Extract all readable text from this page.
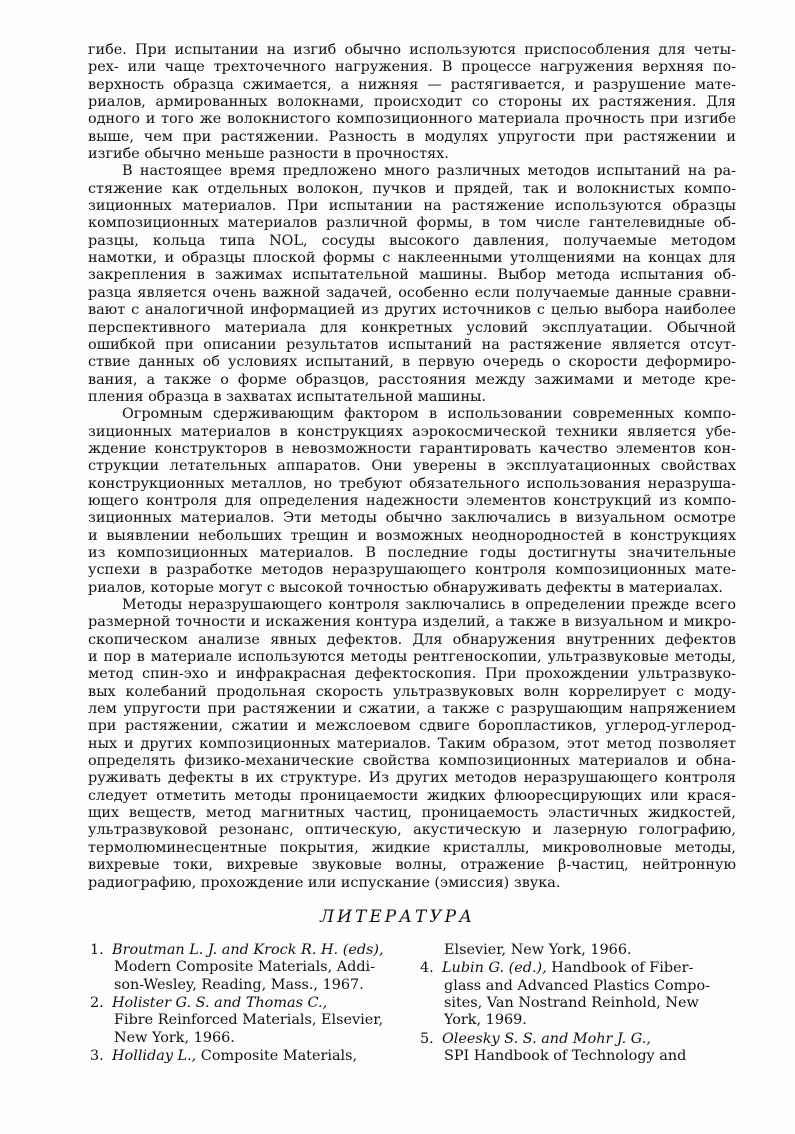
гибе. При испытании на изгиб обычно используются приспособления для четы-
рех- или чаще трехточечного нагружения. В процессе нагружения верхняя по-
верхность образца сжимается, а нижняя — растягивается, и разрушение мате-
риалов, армированных волокнами, происходит со стороны их растяжения. Для
одного и того же волокнистого композиционного материала прочность при изгибе
выше, чем при растяжении. Разность в модулях упругости при растяжении и
изгибе обычно меньше разности в прочностях.

В настоящее время предложено много различных методов испытаний на ра-
стяжение как отдельных волокон, пучков и прядей, так и волокнистых компо-
зиционных материалов. При испытании на растяжение используются образцы
композиционных материалов различной формы, в том числе гантелевидные об-
разцы, кольца типа NOL, сосуды высокого давления, получаемые методом
намотки, и образцы плоской формы с наклеенными утолщениями на концах для
закрепления в зажимах испытательной машины. Выбор метода испытания об-
разца является очень важной задачей, особенно если получаемые данные сравни-
вают с аналогичной информацией из других источников с целью выбора наиболее
перспективного материала для конкретных условий эксплуатации. Обычной
ошибкой при описании результатов испытаний на растяжение является отсут-
ствие данных об условиях испытаний, в первую очередь о скорости деформиро-
вания, а также о форме образцов, расстояния между зажимами и методе кре-
пления образца в захватах испытательной машины.

Огромным сдерживающим фактором в использовании современных компо-
зиционных материалов в конструкциях аэрокосмической техники является убе-
ждение конструкторов в невозможности гарантировать качество элементов кон-
струкции летательных аппаратов. Они уверены в эксплуатационных свойствах
конструкционных металлов, но требуют обязательного использования неразруша-
ющего контроля для определения надежности элементов конструкций из компо-
зиционных материалов. Эти методы обычно заключались в визуальном осмотре
и выявлении небольших трещин и возможных неоднородностей в конструкциях
из композиционных материалов. В последние годы достигнуты значительные
успехи в разработке методов неразрушающего контроля композиционных мате-
риалов, которые могут с высокой точностью обнаруживать дефекты в материалах.

Методы неразрушающего контроля заключались в определении прежде всего
размерной точности и искажения контура изделий, а также в визуальном и микро-
скопическом анализе явных дефектов. Для обнаружения внутренних дефектов
и пор в материале используются методы рентгеноскопии, ультразвуковые методы,
метод спин-эхо и инфракрасная дефектоскопия. При прохождении ультразвуко-
вых колебаний продольная скорость ультразвуковых волн коррелирует с моду-
лем упругости при растяжении и сжатии, а также с разрушающим напряжением
при растяжении, сжатии и межслоевом сдвиге боропластиков, углерод-углерод-
ных и других композиционных материалов. Таким образом, этот метод позволяет
определять физико-механические свойства композиционных материалов и обна-
руживать дефекты в их структуре. Из других методов неразрушающего контроля
следует отметить методы проницаемости жидких флюоресцирующих или крася-
щих веществ, метод магнитных частиц, проницаемость эластичных жидкостей,
ультразвуковой резонанс, оптическую, акустическую и лазерную голографию,
термолюминесцентные покрытия, жидкие кристаллы, микроволновые методы,
вихревые токи, вихревые звуковые волны, отражение β-частиц, нейтронную
радиографию, прохождение или испускание (эмиссия) звука.

ЛИТЕРАТУРА
1. Broutman L. J. and Krock R. H. (eds),
Modern Composite Materials, Addi-
son-Wesley, Reading, Mass., 1967.
2. Holister G. S. and Thomas C.,
Fibre Reinforced Materials, Elsevier,
New York, 1966.
3. Holliday L., Composite Materials,
Elsevier, New York, 1966.
4. Lubin G. (ed.), Handbook of Fiber-
glass and Advanced Plastics Compo-
sites, Van Nostrand Reinhold, New
York, 1969.
5. Oleesky S. S. and Mohr J. G.,
SPI Handbook of Technology and
